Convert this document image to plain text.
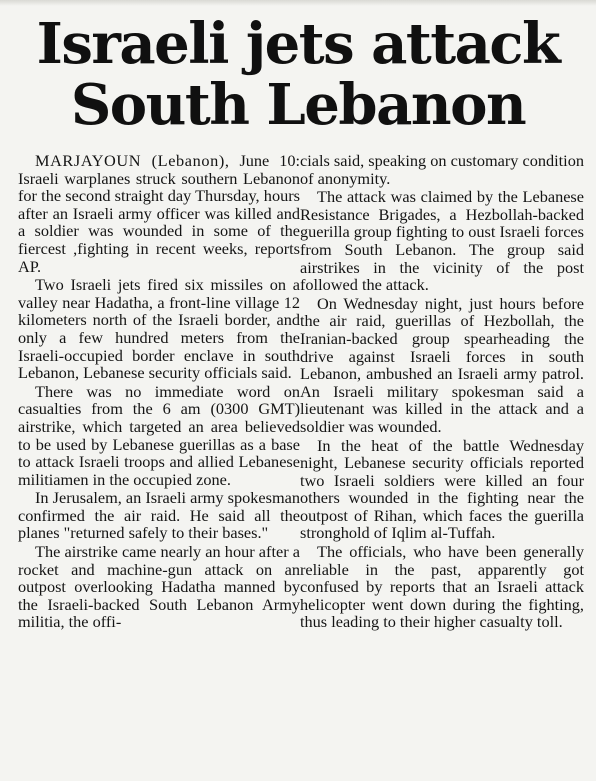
Israeli jets attack
South Lebanon

MARJAYOUN (Lebanon), June 10: Israeli warplanes struck southern Lebanon for the second straight day Thursday, hours after an Israeli army officer was killed and a soldier was wounded in some of the fiercest ,fighting in recent weeks, reports AP.

Two Israeli jets fired six missiles on a valley near Hadatha, a front-line village 12 kilometers north of the Israeli border, and only a few hundred meters from the Israeli-occupied border enclave in south Lebanon, Lebanese security officials said.

There was no immediate word on casualties from the 6 am (0300 GMT) airstrike, which targeted an area believed to be used by Lebanese guerillas as a base to attack Israeli troops and allied Lebanese militiamen in the occupied zone.

In Jerusalem, an Israeli army spokesman confirmed the air raid. He said all the planes "returned safely to their bases."

The airstrike came nearly an hour after a rocket and machine-gun attack on an outpost overlooking Hadatha manned by the Israeli-backed South Lebanon Army militia, the offi-

cials said, speaking on customary condition of anonymity.

The attack was claimed by the Lebanese Resistance Brigades, a Hezbollah-backed guerilla group fighting to oust Israeli forces from South Lebanon. The group said airstrikes in the vicinity of the post followed the attack.

On Wednesday night, just hours before the air raid, guerillas of Hezbollah, the Iranian-backed group spearheading the drive against Israeli forces in south Lebanon, ambushed an Israeli army patrol. An Israeli military spokesman said a lieutenant was killed in the attack and a soldier was wounded.

In the heat of the battle Wednesday night, Lebanese security officials reported two Israeli soldiers were killed an four others wounded in the fighting near the outpost of Rihan, which faces the guerilla stronghold of Iqlim al-Tuffah.

The officials, who have been generally reliable in the past, apparently got confused by reports that an Israeli attack helicopter went down during the fighting, thus leading to their higher casualty toll.
